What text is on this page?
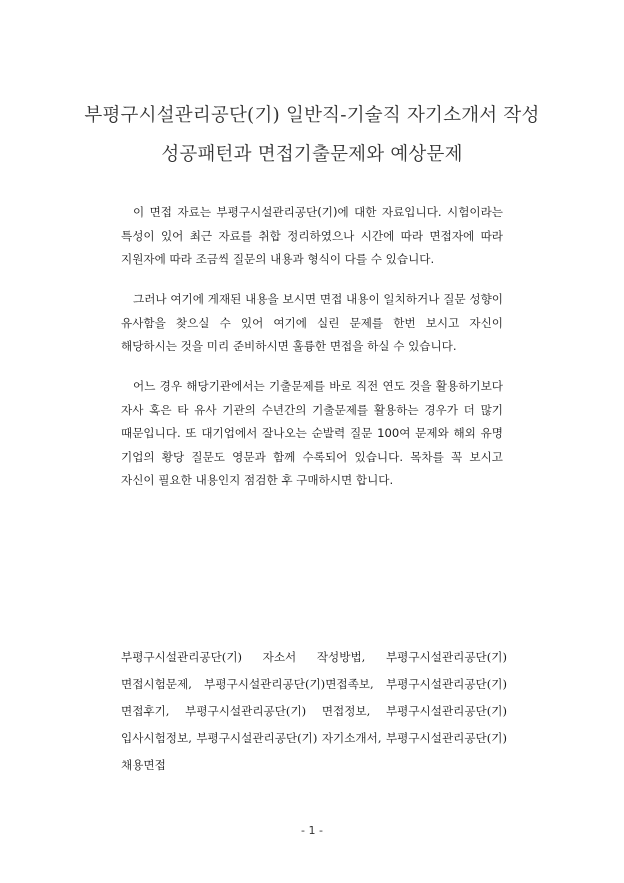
부평구시설관리공단(기) 일반직-기술직 자기소개서 작성
성공패턴과 면접기출문제와 예상문제
이 면접 자료는 부평구시설관리공단(기)에 대한 자료입니다. 시험이라는 특성이 있어 최근 자료를 취합 정리하였으나 시간에 따라 면접자에 따라 지원자에 따라 조금씩 질문의 내용과 형식이 다를 수 있습니다.
그러나 여기에 게재된 내용을 보시면 면접 내용이 일치하거나 질문 성향이 유사함을 찾으실 수 있어 여기에 실린 문제를 한번 보시고 자신이 해당하시는 것을 미리 준비하시면 훌륭한 면접을 하실 수 있습니다.
어느 경우 해당기관에서는 기출문제를 바로 직전 연도 것을 활용하기보다 자사 혹은 타 유사 기관의 수년간의 기출문제를 활용하는 경우가 더 많기 때문입니다. 또 대기업에서 잘나오는 순발력 질문 100여 문제와 해외 유명 기업의 황당 질문도 영문과 함께 수록되어 있습니다. 목차를 꼭 보시고 자신이 필요한 내용인지 점검한 후 구매하시면 합니다.
부평구시설관리공단(기) 자소서 작성방법, 부평구시설관리공단(기) 면접시험문제, 부평구시설관리공단(기)면접족보, 부평구시설관리공단(기) 면접후기, 부평구시설관리공단(기) 면접정보, 부평구시설관리공단(기)입사시험정보, 부평구시설관리공단(기) 자기소개서, 부평구시설관리공단(기) 채용면접
- 1 -
